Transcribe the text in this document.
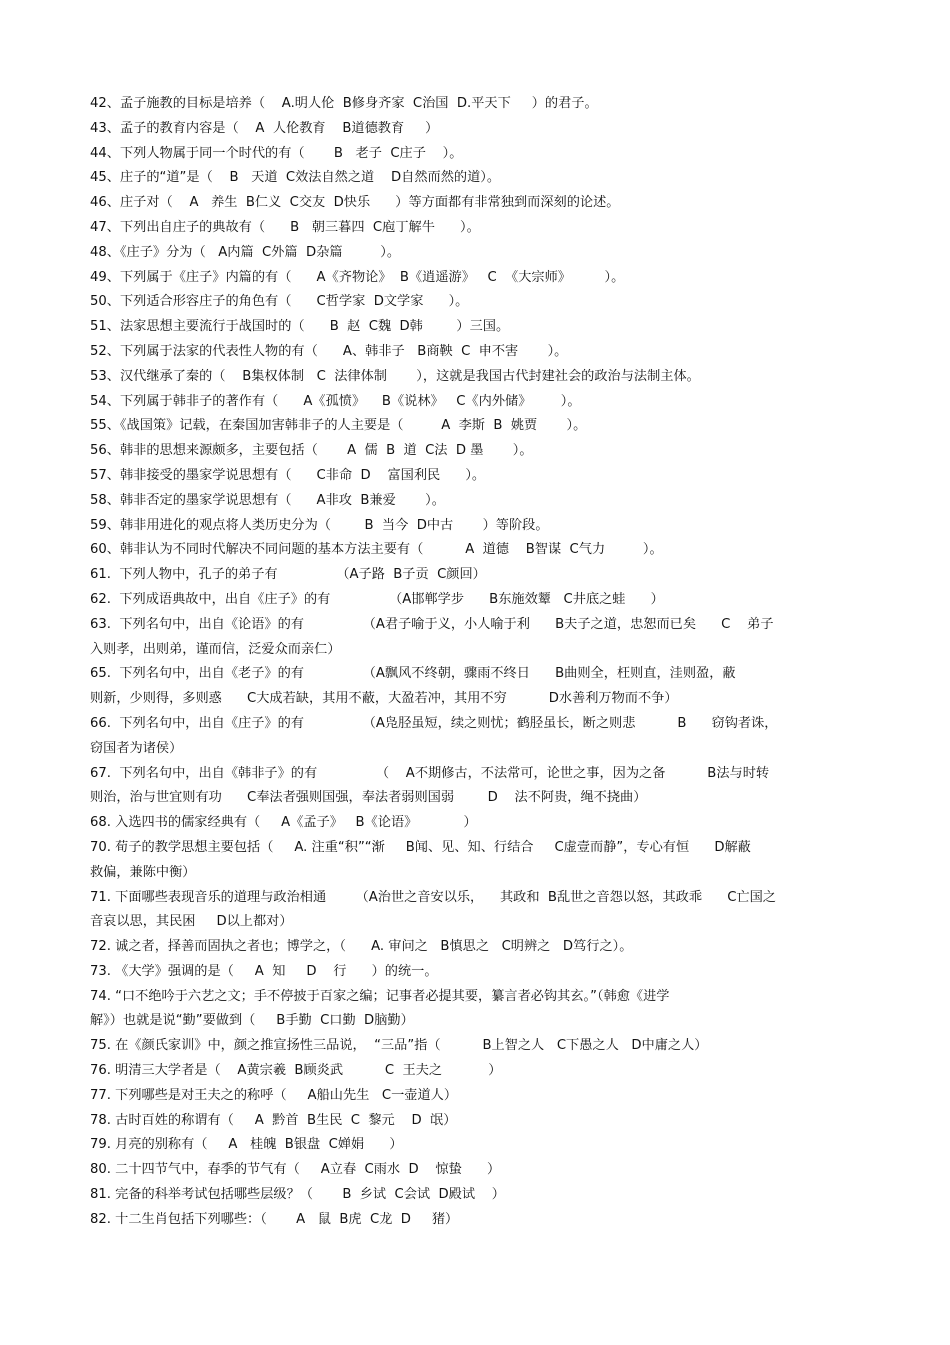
42、孟子施教的目标是培养（    A.明人伦  B修身齐家  C治国  D.平天下     ）的君子。
43、孟子的教育内容是（    A  人伦教育    B道德教育     ）
44、下列人物属于同一个时代的有（       B   老子  C庄子    ）。
45、庄子的“道”是（    B   天道  C效法自然之道    D自然而然的道）。
46、庄子对（    A   养生  B仁义  C交友  D快乐      ）等方面都有非常独到而深刻的论述。
47、下列出自庄子的典故有（      B   朝三暮四  C庖丁解牛      ）。
48、《庄子》分为（   A内篇  C外篇  D杂篇         ）。
49、下列属于《庄子》内篇的有（      A《齐物论》  B《逍遥游》   C  《大宗师》        ）。
50、下列适合形容庄子的角色有（      C哲学家  D文学家      ）。
51、法家思想主要流行于战国时的（      B  赵  C魏  D韩        ）三国。
52、下列属于法家的代表性人物的有（      A、韩非子   B商鞅  C  申不害       ）。
53、汉代继承了秦的（    B集权体制   C  法律体制       ），这就是我国古代封建社会的政治与法制主体。
54、下列属于韩非子的著作有（      A《孤愤》    B《说林》   C《内外储》       ）。
55、《战国策》记载，在秦国加害韩非子的人主要是（         A  李斯  B  姚贾       ）。
56、韩非的思想来源颇多，主要包括（       A  儒  B  道  C法  D 墨       ）。
57、韩非接受的墨家学说思想有（      C非命  D    富国利民      ）。
58、韩非否定的墨家学说思想有（      A非攻  B兼爱       ）。
59、韩非用进化的观点将人类历史分为（        B  当今  D中古       ）等阶段。
60、韩非认为不同时代解决不同问题的基本方法主要有（          A  道德    B智谋  C气力         ）。
61.  下列人物中，孔子的弟子有              （A子路  B子贡  C颜回）
62.  下列成语典故中，出自《庄子》的有              （A邯郸学步      B东施效颦   C井底之蛙      ）
63.  下列名句中，出自《论语》的有              （A君子喻于义，小人喻于利      B夫子之道，忠恕而已矣      C    弟子
入则孝，出则弟，谨而信，泛爱众而亲仁）
65.  下列名句中，出自《老子》的有              （A飘风不终朝，骤雨不终日      B曲则全，枉则直，洼则盈，蔽
则新，少则得，多则惑      C大成若缺，其用不蔽，大盈若冲，其用不穷          D水善利万物而不争）
66.  下列名句中，出自《庄子》的有              （A凫胫虽短，续之则忧；鹤胫虽长，断之则悲          B      窃钩者诛，
窃国者为诸侯）
67.  下列名句中，出自《韩非子》的有              （    A不期修古，不法常可，论世之事，因为之备          B法与时转
则治，治与世宜则有功      C奉法者强则国强，奉法者弱则国弱        D    法不阿贵，绳不挠曲）
68. 入选四书的儒家经典有（     A《孟子》   B《论语》           ）
70. 荀子的教学思想主要包括（     A. 注重“积”“渐     B闻、见、知、行结合     C虚壹而静”，专心有恒      D解蔽
救偏，兼陈中衡）
71. 下面哪些表现音乐的道理与政治相通       （A治世之音安以乐，    其政和  B乱世之音怨以怒，其政乖      C亡国之
音哀以思，其民困     D以上都对）
72. 诚之者，择善而固执之者也；博学之，（      A. 审问之   B慎思之   C明辨之   D笃行之）。
73. 《大学》强调的是（     A  知     D    行      ）的统一。
74. “口不绝吟于六艺之文；手不停披于百家之编；记事者必提其要，纂言者必钩其玄。”（韩愈《进学
解》）也就是说“勤”要做到（     B手勤  C口勤  D脑勤）
75. 在《颜氏家训》中，颜之推宣扬性三品说，  “三品”指（          B上智之人   C下愚之人   D中庸之人）
76. 明清三大学者是（    A黄宗羲  B顾炎武          C  王夫之           ）
77. 下列哪些是对王夫之的称呼（     A船山先生   C一壶道人）
78. 古时百姓的称谓有（     A  黔首  B生民  C  黎元    D  氓）
79. 月亮的别称有（     A   桂魄  B银盘  C婵娟      ）
80. 二十四节气中，春季的节气有（     A立春  C雨水  D    惊蛰      ）
81. 完备的科举考试包括哪些层级？（       B  乡试  C会试  D殿试    ）
82. 十二生肖包括下列哪些：（       A   鼠  B虎  C龙  D     猪）
